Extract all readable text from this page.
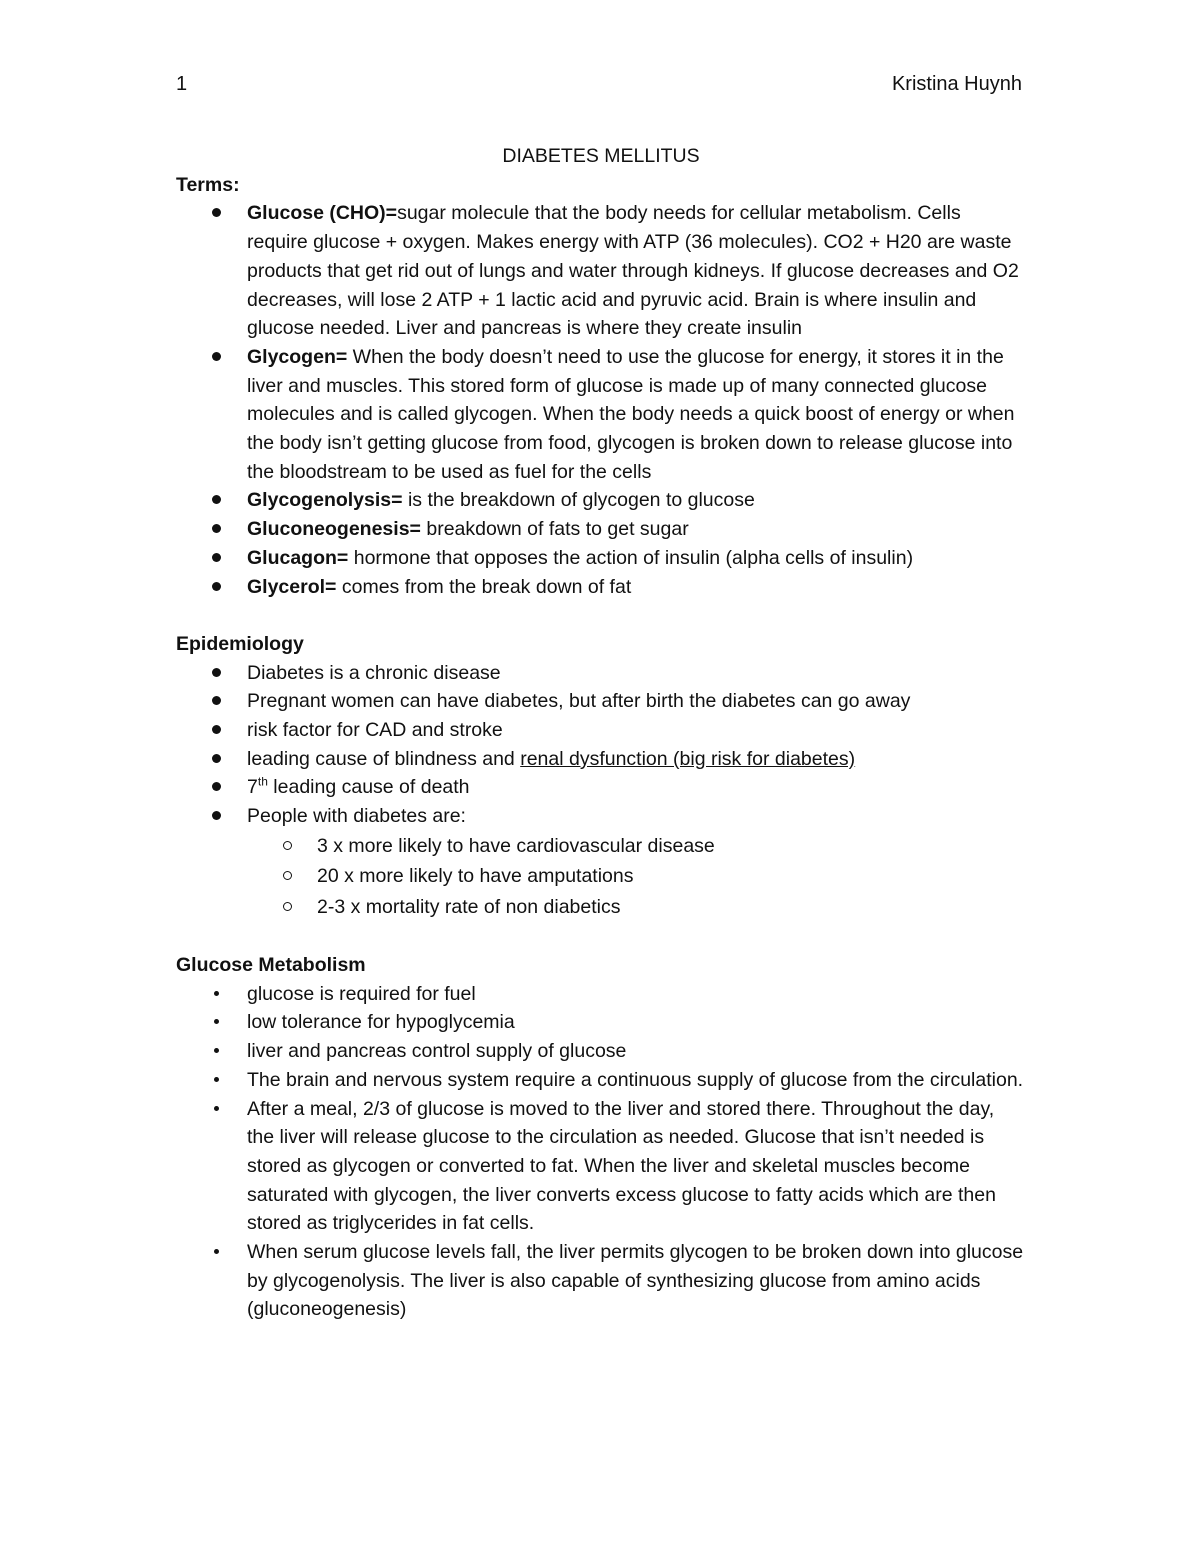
1	Kristina Huynh
DIABETES MELLITUS
Terms:
Glucose (CHO)=sugar molecule that the body needs for cellular metabolism. Cells require glucose + oxygen. Makes energy with ATP (36 molecules). CO2 + H20 are waste products that get rid out of lungs and water through kidneys. If glucose decreases and O2 decreases, will lose 2 ATP + 1 lactic acid and pyruvic acid. Brain is where insulin and glucose needed. Liver and pancreas is where they create insulin
Glycogen= When the body doesn’t need to use the glucose for energy, it stores it in the liver and muscles. This stored form of glucose is made up of many connected glucose molecules and is called glycogen. When the body needs a quick boost of energy or when the body isn’t getting glucose from food, glycogen is broken down to release glucose into the bloodstream to be used as fuel for the cells
Glycogenolysis= is the breakdown of glycogen to glucose
Gluconeogenesis= breakdown of fats to get sugar
Glucagon= hormone that opposes the action of insulin (alpha cells of insulin)
Glycerol= comes from the break down of fat
Epidemiology
Diabetes is a chronic disease
Pregnant women can have diabetes, but after birth the diabetes can go away
risk factor for CAD and stroke
leading cause of blindness and renal dysfunction (big risk for diabetes)
7th leading cause of death
People with diabetes are:
3 x more likely to have cardiovascular disease
20 x more likely to have amputations
2-3 x mortality rate of non diabetics
Glucose Metabolism
glucose is required for fuel
low tolerance for hypoglycemia
liver and pancreas control supply of glucose
The brain and nervous system require a continuous supply of glucose from the circulation.
After a meal, 2/3 of glucose is moved to the liver and stored there. Throughout the day, the liver will release glucose to the circulation as needed. Glucose that isn’t needed is stored as glycogen or converted to fat. When the liver and skeletal muscles become saturated with glycogen, the liver converts excess glucose to fatty acids which are then stored as triglycerides in fat cells.
When serum glucose levels fall, the liver permits glycogen to be broken down into glucose by glycogenolysis. The liver is also capable of synthesizing glucose from amino acids (gluconeogenesis)
